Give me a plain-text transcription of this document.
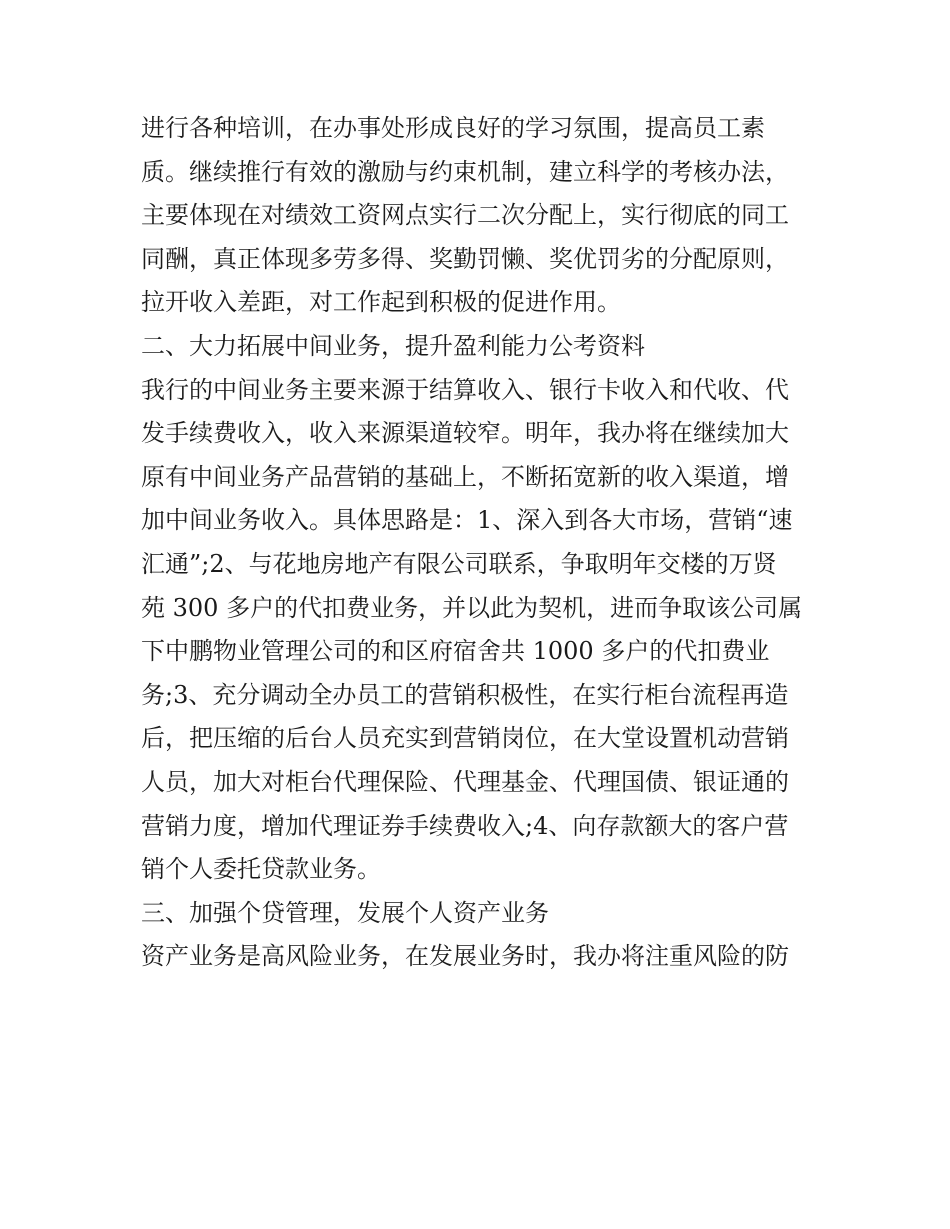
进行各种培训，在办事处形成良好的学习氛围，提高员工素
质。继续推行有效的激励与约束机制，建立科学的考核办法，
主要体现在对绩效工资网点实行二次分配上，实行彻底的同工
同酬，真正体现多劳多得、奖勤罚懒、奖优罚劣的分配原则，
拉开收入差距，对工作起到积极的促进作用。
二、大力拓展中间业务，提升盈利能力公考资料
我行的中间业务主要来源于结算收入、银行卡收入和代收、代
发手续费收入，收入来源渠道较窄。明年，我办将在继续加大
原有中间业务产品营销的基础上，不断拓宽新的收入渠道，增
加中间业务收入。具体思路是：1、深入到各大市场，营销“速
汇通”;2、与花地房地产有限公司联系，争取明年交楼的万贤
苑 300 多户的代扣费业务，并以此为契机，进而争取该公司属
下中鹏物业管理公司的和区府宿舍共 1000 多户的代扣费业
务;3、充分调动全办员工的营销积极性，在实行柜台流程再造
后，把压缩的后台人员充实到营销岗位，在大堂设置机动营销
人员，加大对柜台代理保险、代理基金、代理国债、银证通的
营销力度，增加代理证券手续费收入;4、向存款额大的客户营
销个人委托贷款业务。
三、加强个贷管理，发展个人资产业务
资产业务是高风险业务，在发展业务时，我办将注重风险的防
